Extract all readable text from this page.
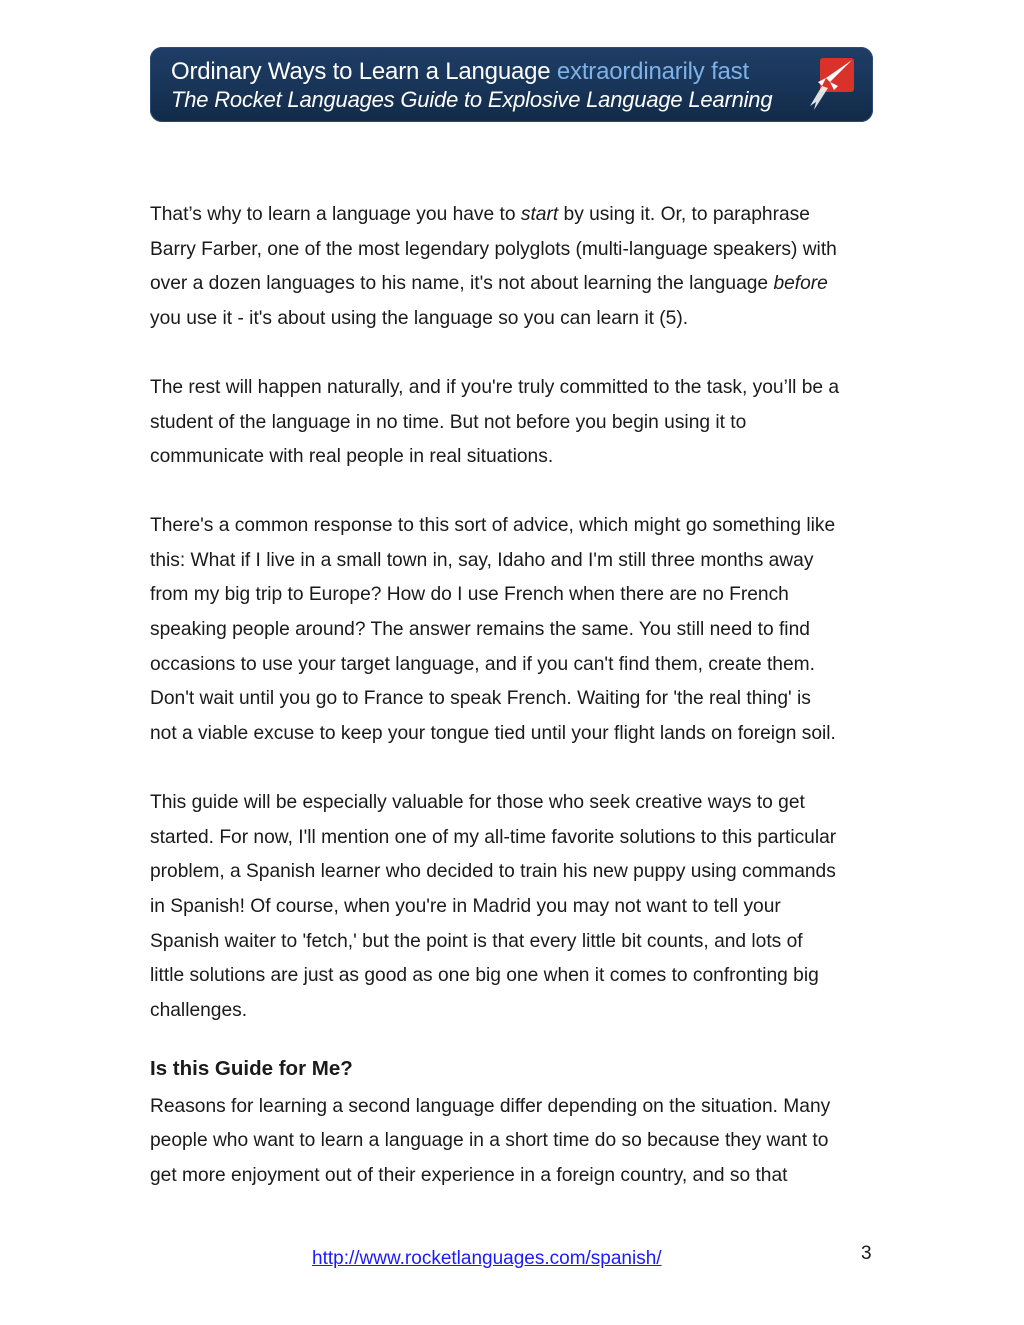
Ordinary Ways to Learn a Language extraordinarily fast
The Rocket Languages Guide to Explosive Language Learning

That’s why to learn a language you have to start by using it. Or, to paraphrase
Barry Farber, one of the most legendary polyglots (multi-language speakers) with
over a dozen languages to his name, it's not about learning the language before
you use it - it's about using the language so you can learn it (5).

The rest will happen naturally, and if you're truly committed to the task, you’ll be a
student of the language in no time. But not before you begin using it to
communicate with real people in real situations.

There's a common response to this sort of advice, which might go something like
this: What if I live in a small town in, say, Idaho and I'm still three months away
from my big trip to Europe? How do I use French when there are no French
speaking people around? The answer remains the same. You still need to find
occasions to use your target language, and if you can't find them, create them.
Don't wait until you go to France to speak French. Waiting for 'the real thing' is
not a viable excuse to keep your tongue tied until your flight lands on foreign soil.

This guide will be especially valuable for those who seek creative ways to get
started. For now, I'll mention one of my all-time favorite solutions to this particular
problem, a Spanish learner who decided to train his new puppy using commands
in Spanish! Of course, when you're in Madrid you may not want to tell your
Spanish waiter to 'fetch,' but the point is that every little bit counts, and lots of
little solutions are just as good as one big one when it comes to confronting big
challenges.

Is this Guide for Me?

Reasons for learning a second language differ depending on the situation. Many
people who want to learn a language in a short time do so because they want to
get more enjoyment out of their experience in a foreign country, and so that

http://www.rocketlanguages.com/spanish/	3
